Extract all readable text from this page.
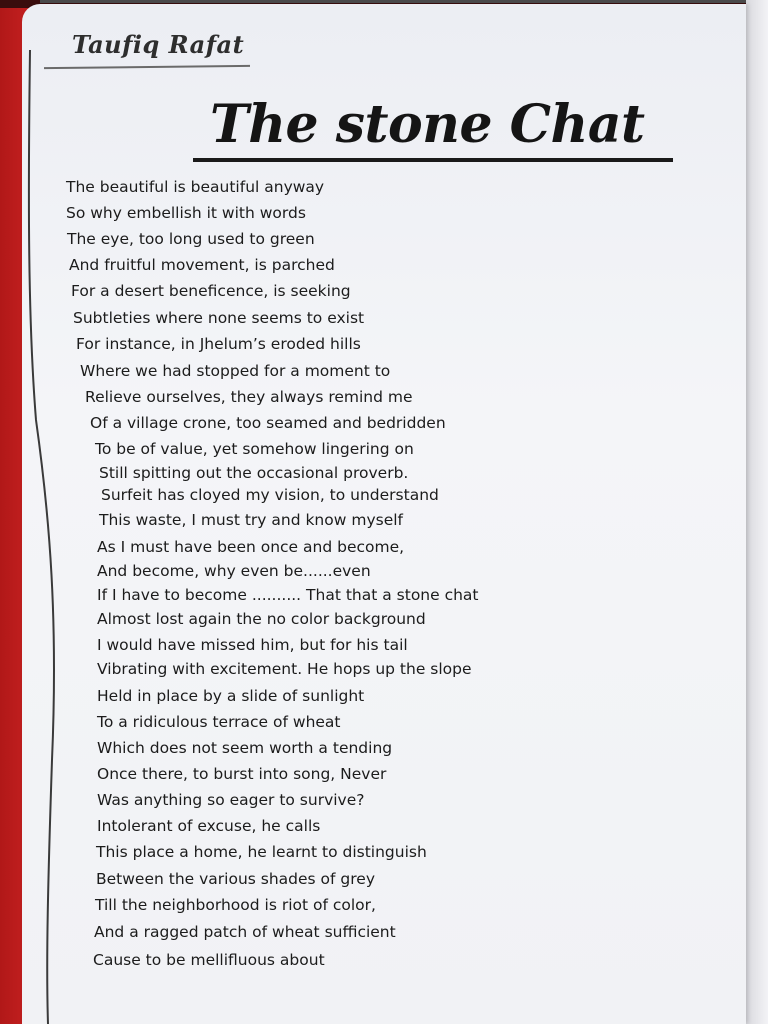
Taufiq Rafat
The stone Chat
The beautiful is beautiful anyway
So why embellish it with words
The eye, too long used to green
And fruitful movement, is parched
For a desert beneficence, is seeking
Subtleties where none seems to exist
For instance, in Jhelum’s eroded hills
Where we had stopped for a moment to
Relieve ourselves, they always remind me
Of a village crone, too seamed and bedridden
To be of value, yet somehow lingering on
Still spitting out the occasional proverb.
Surfeit has cloyed my vision, to understand
This waste, I must try and know myself
As I must have been once and become,
And become, why even be......even
If I have to become .......... That that a stone chat
Almost lost again the no color background
I would have missed him, but for his tail
Vibrating with excitement. He hops up the slope
Held in place by a slide of sunlight
To a ridiculous terrace of wheat
Which does not seem worth a tending
Once there, to burst into song, Never
Was anything so eager to survive?
Intolerant of excuse, he calls
This place a home, he learnt to distinguish
Between the various shades of grey
Till the neighborhood is riot of color,
And a ragged patch of wheat sufficient
Cause to be mellifluous about
